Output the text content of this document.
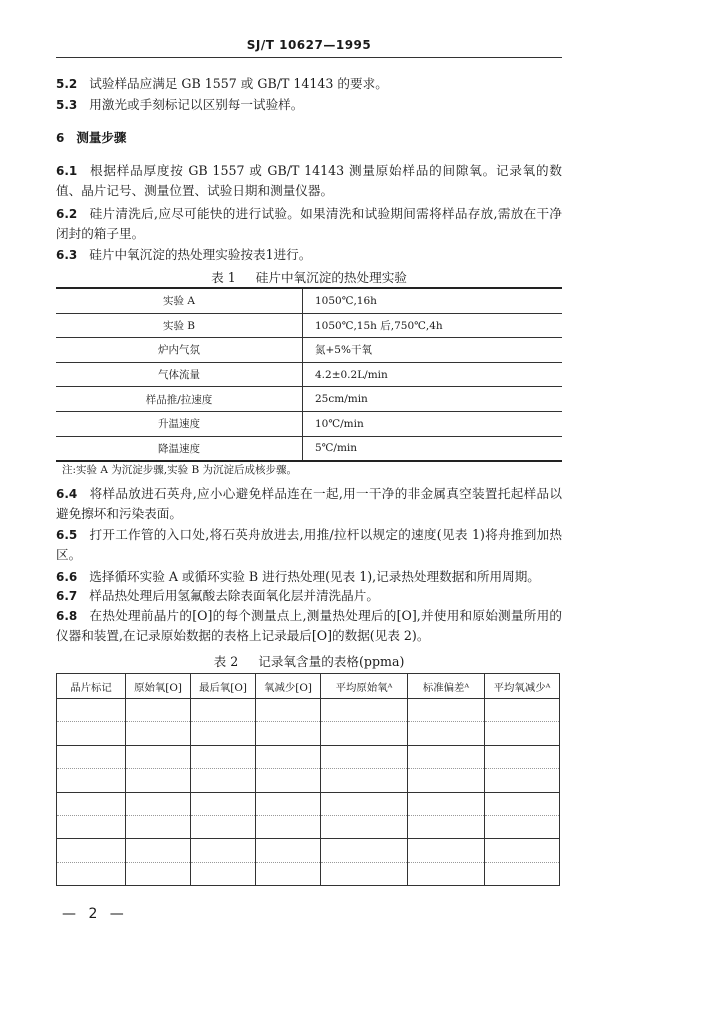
SJ/T 10627—1995

5.2 试验样品应满足 GB 1557 或 GB/T 14143 的要求。

5.3 用激光或手刻标记以区别每一试验样。

6 测量步骤

6.1 根据样品厚度按 GB 1557 或 GB/T 14143 测量原始样品的间隙氧。记录氧的数值、晶片记号、测量位置、试验日期和测量仪器。

6.2 硅片清洗后,应尽可能快的进行试验。如果清洗和试验期间需将样品存放,需放在干净闭封的箱子里。

6.3 硅片中氧沉淀的热处理实验按表1进行。

表 1 硅片中氧沉淀的热处理实验
实验 A	1050℃,16h
实验 B	1050℃,15h 后,750℃,4h
炉内气氛	氮+5%干氧
气体流量	4.2±0.2L/min
样品推/拉速度	25cm/min
升温速度	10℃/min
降温速度	5℃/min
注:实验 A 为沉淀步骤,实验 B 为沉淀后成核步骤。

6.4 将样品放进石英舟,应小心避免样品连在一起,用一干净的非金属真空装置托起样品以避免擦坏和污染表面。

6.5 打开工作管的入口处,将石英舟放进去,用推/拉杆以规定的速度(见表 1)将舟推到加热区。

6.6 选择循环实验 A 或循环实验 B 进行热处理(见表 1),记录热处理数据和所用周期。

6.7 样品热处理后用氢氟酸去除表面氧化层并清洗晶片。

6.8 在热处理前晶片的[O]的每个测量点上,测量热处理后的[O],并使用和原始测量所用的仪器和装置,在记录原始数据的表格上记录最后[O]的数据(见表 2)。

表 2 记录氧含量的表格(ppma)
晶片标记	原始氧[O]	最后氧[O]	氧减少[O]	平均原始氧ᴬ	标准偏差ᴬ	平均氧减少ᴬ

— 2 —
